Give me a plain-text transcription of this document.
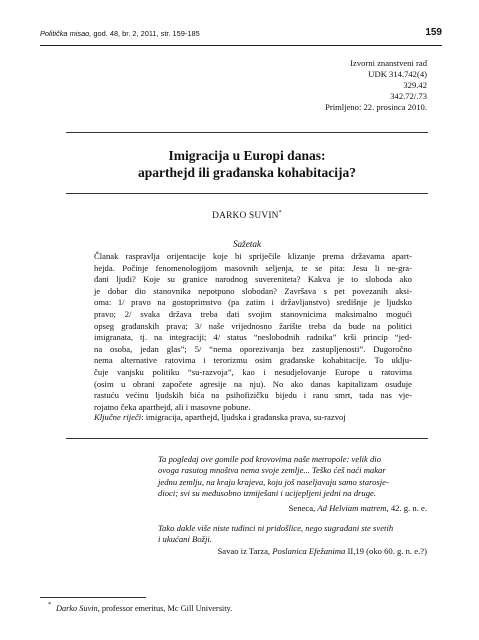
Politička misao, god. 48, br. 2, 2011, str. 159-185	159
Izvorni znanstveni rad
UDK 314.742(4)
329.42
342.72/.73
Primljeno: 22. prosinca 2010.
Imigracija u Europi danas:
aparthejd ili građanska kohabitacija?
DARKO SUVIN*
Sažetak
Članak raspravlja orijentacije koje bi spriječile klizanje prema državama apart-
hejda. Počinje fenomenologijom masovnih seljenja, te se pita: Jesu li ne-gra-
đani ljudi? Koje su granice narodnog suvereniteta? Kakva je to sloboda ako
je dobar dio stanovnika nepotpuno slobodan? Završava s pet povezanih aksi-
oma: 1/ pravo na gostoprimstvo (pa zatim i državljanstvo) središnje je ljudsko
pravo; 2/ svaka država treba dati svojim stanovnicima maksimalno mogući
opseg građanskih prava; 3/ naše vrijednosno žarište treba da bude na politici
imigranata, tj. na integraciji; 4/ status “neslobodnih radnika” krši princip “jed-
na osoba, jedan glas”; 5/ “nema oporezivanja bez zastupljenosti”. Dugoročno
nema alternative ratovima i terorizmu osim građanske kohabitacije. To uklju-
čuje vanjsku politiku “su-razvoja”, kao i nesudjelovanje Europe u ratovima
(osim u obrani započete agresije na nju). No ako danas kapitalizam osuđuje
rastuću većinu ljudskih bića na psihofizičku bijedu i ranu smrt, tada nas vje-
rojatno čeka aparthejd, ali i masovne pobune.
Ključne riječi: imigracija, aparthejd, ljudska i građanska prava, su-razvoj
Ta pogledaj ove gomile pod krovovima naše metropole: velik dio
ovoga rasutog mnoštva nema svoje zemlje... Teško ćeš naći makar
jednu zemlju, na kraju krajeva, koju još naseljavaju samo starosje-
dioci; svi su međusobno izmiješani i ucijepljeni jedni na druge.
Seneca, Ad Helviam matrem, 42. g. n. e.
Tako dakle više niste tuđinci ni pridošlice, nego sugrađani ste svetih
i ukućani Božji.
Savao iz Tarza, Poslanica Efežanima II,19 (oko 60. g. n. e.?)
* Darko Suvin, professor emeritus, Mc Gill University.
